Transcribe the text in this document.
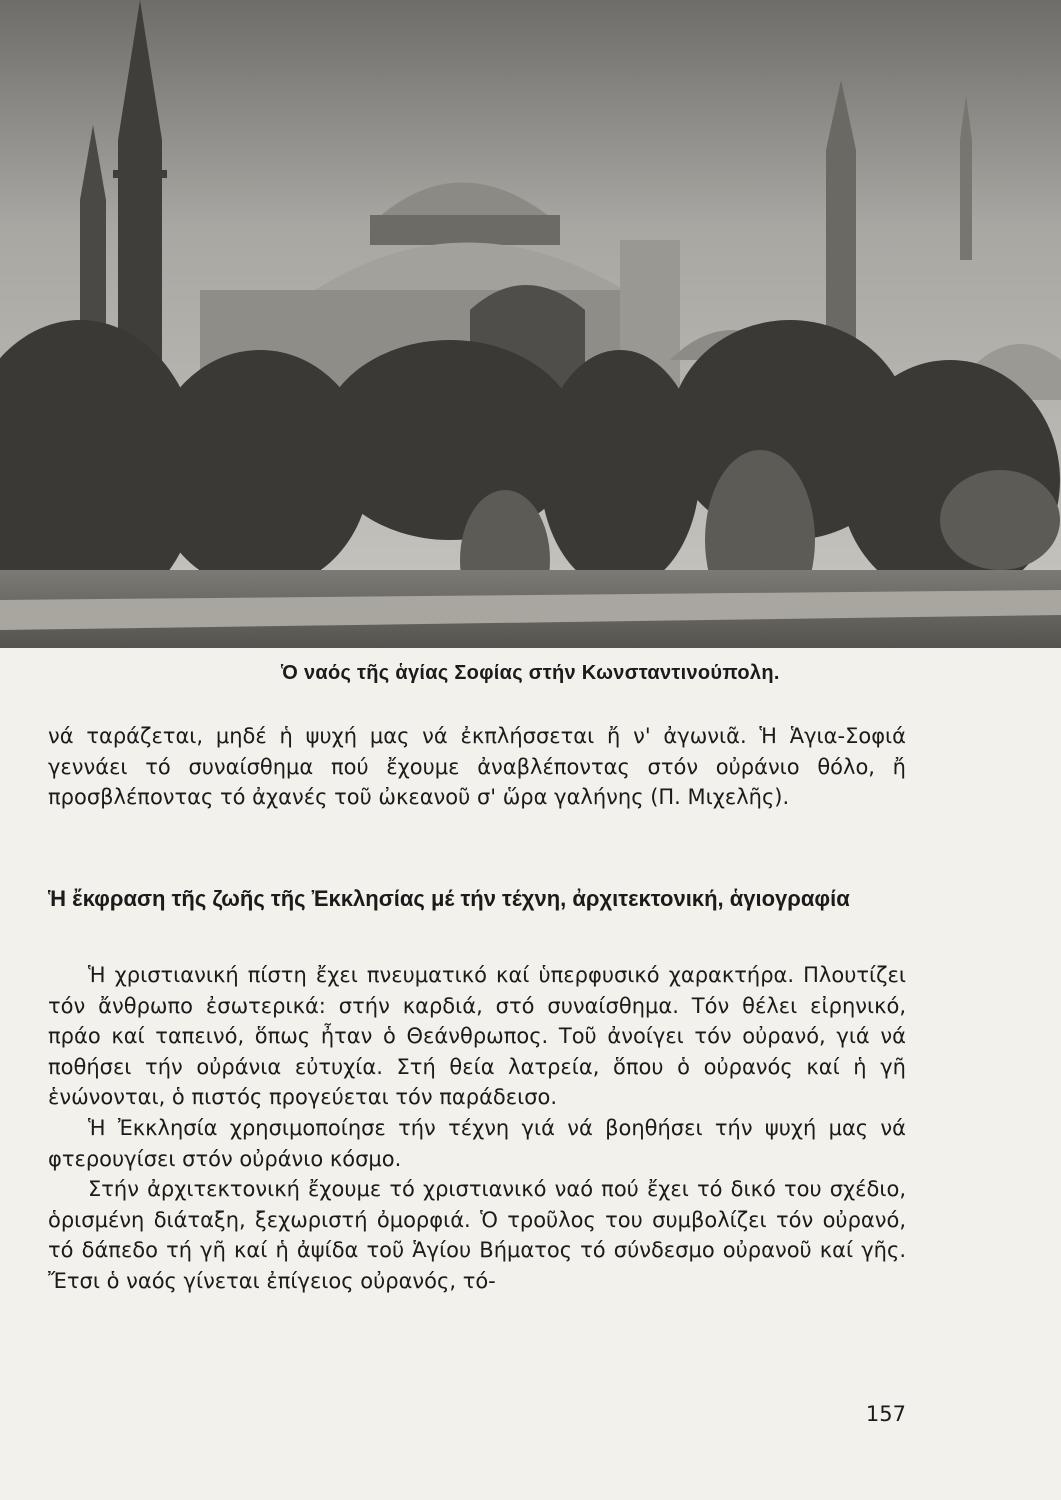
Ὁ ναός τῆς ἁγίας Σοφίας στήν Κωνσταντινούπολη.

νά ταράζεται, μηδέ ἡ ψυχή μας νά ἐκπλήσσεται ἤ ν' ἀγωνιᾶ. Ἡ Ἁγια-Σοφιά γεννάει τό συναίσθημα πού ἔχουμε ἀναβλέποντας στόν οὐράνιο θόλο, ἤ προσβλέποντας τό ἀχανές τοῦ ὠκεανοῦ σ' ὥρα γαλήνης (Π. Μιχελῆς).

Ἡ ἔκφραση τῆς ζωῆς τῆς Ἐκκλησίας μέ τήν τέχνη, ἀρχιτεκτονική, ἁγιογραφία

Ἡ χριστιανική πίστη ἔχει πνευματικό καί ὑπερφυσικό χαρακτήρα. Πλουτίζει τόν ἄνθρωπο ἐσωτερικά: στήν καρδιά, στό συναίσθημα. Τόν θέλει εἰρηνικό, πράο καί ταπεινό, ὅπως ἦταν ὁ Θεάνθρωπος. Τοῦ ἀνοίγει τόν οὐρανό, γιά νά ποθήσει τήν οὐράνια εὐτυχία. Στή θεία λατρεία, ὅπου ὁ οὐρανός καί ἡ γῆ ἑνώνονται, ὁ πιστός προγεύεται τόν παράδεισο.

Ἡ Ἐκκλησία χρησιμοποίησε τήν τέχνη γιά νά βοηθήσει τήν ψυχή μας νά φτερουγίσει στόν οὐράνιο κόσμο.

Στήν ἀρχιτεκτονική ἔχουμε τό χριστιανικό ναό πού ἔχει τό δικό του σχέδιο, ὁρισμένη διάταξη, ξεχωριστή ὀμορφιά. Ὁ τροῦλος του συμβολίζει τόν οὐρανό, τό δάπεδο τή γῆ καί ἡ ἀψίδα τοῦ Ἁγίου Βήματος τό σύνδεσμο οὐρανοῦ καί γῆς. Ἔτσι ὁ ναός γίνεται ἐπίγειος οὐρανός, τό-

157
